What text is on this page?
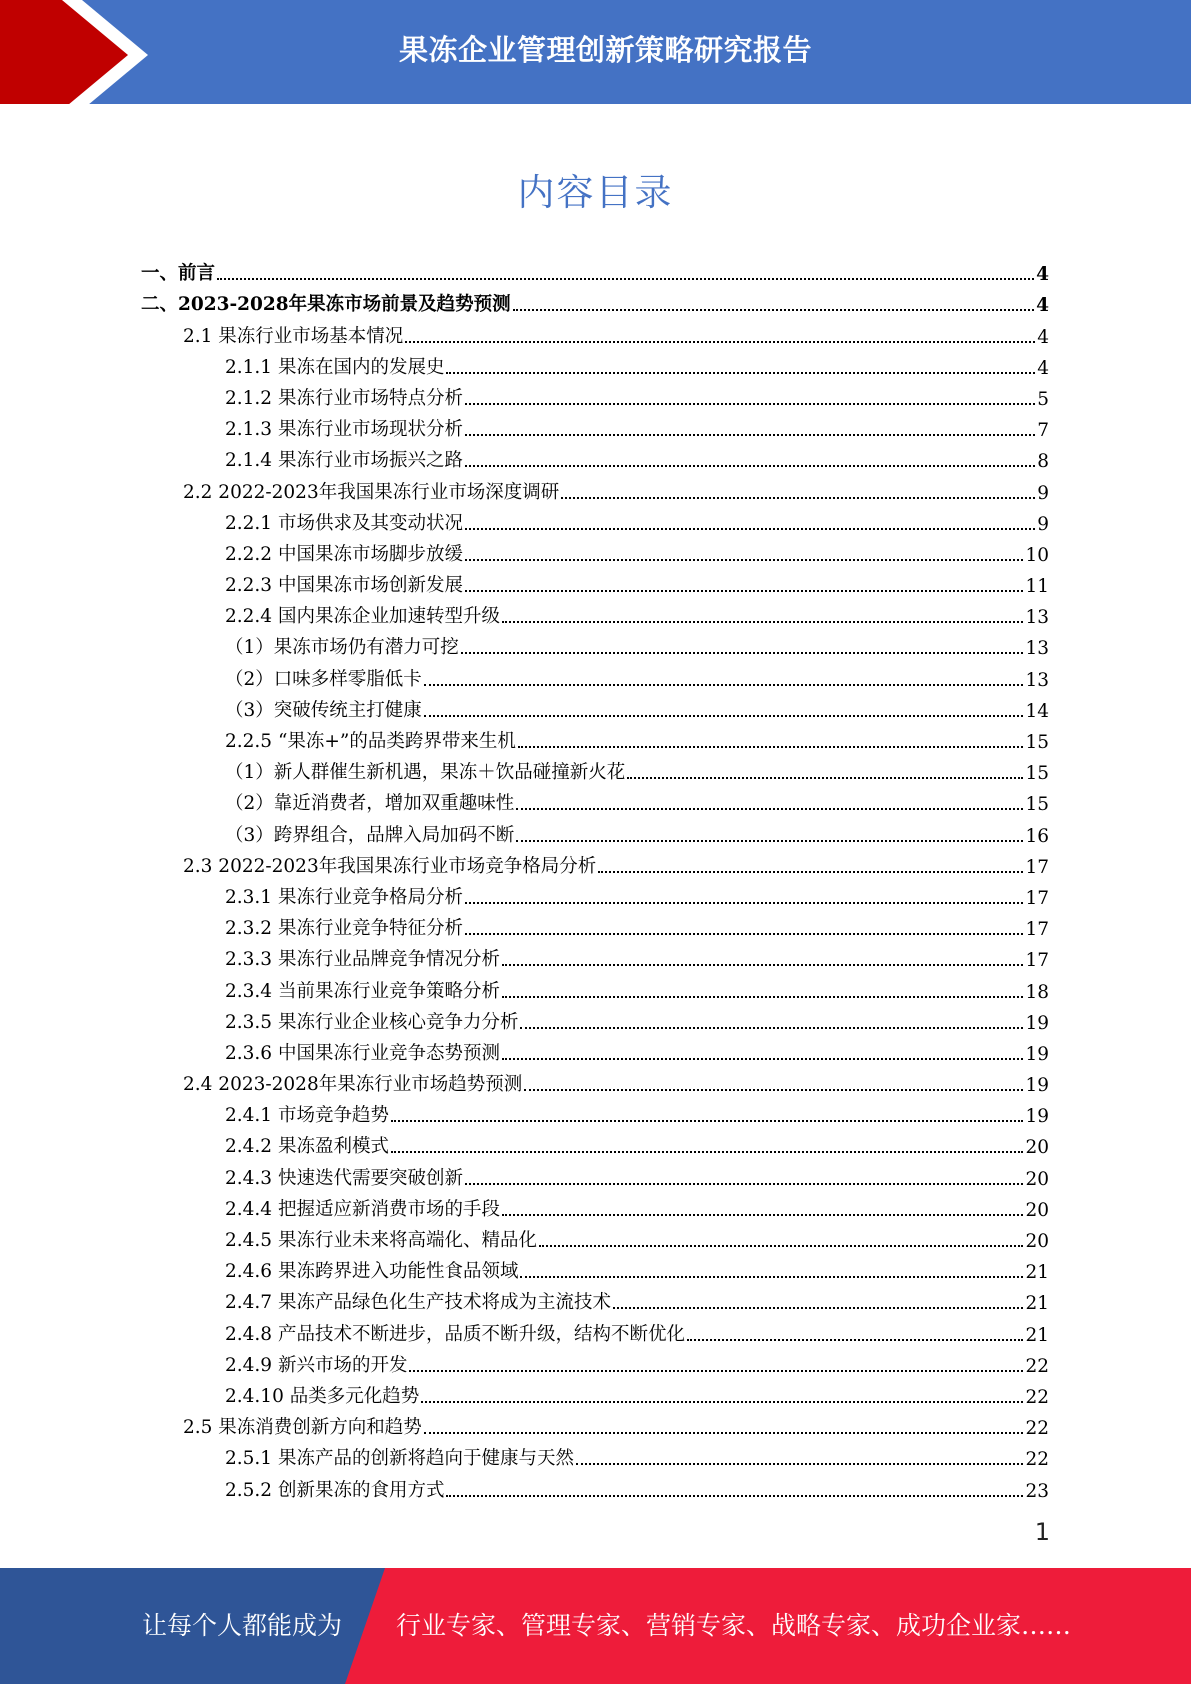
果冻企业管理创新策略研究报告
内容目录
一、前言	4
二、2023-2028年果冻市场前景及趋势预测	4
2.1 果冻行业市场基本情况	4
2.1.1 果冻在国内的发展史	4
2.1.2 果冻行业市场特点分析	5
2.1.3 果冻行业市场现状分析	7
2.1.4 果冻行业市场振兴之路	8
2.2 2022-2023年我国果冻行业市场深度调研	9
2.2.1 市场供求及其变动状况	9
2.2.2 中国果冻市场脚步放缓	10
2.2.3 中国果冻市场创新发展	11
2.2.4 国内果冻企业加速转型升级	13
（1）果冻市场仍有潜力可挖	13
（2）口味多样零脂低卡	13
（3）突破传统主打健康	14
2.2.5 “果冻+”的品类跨界带来生机	15
（1）新人群催生新机遇，果冻＋饮品碰撞新火花	15
（2）靠近消费者，增加双重趣味性	15
（3）跨界组合，品牌入局加码不断	16
2.3 2022-2023年我国果冻行业市场竞争格局分析	17
2.3.1 果冻行业竞争格局分析	17
2.3.2 果冻行业竞争特征分析	17
2.3.3 果冻行业品牌竞争情况分析	17
2.3.4 当前果冻行业竞争策略分析	18
2.3.5 果冻行业企业核心竞争力分析	19
2.3.6 中国果冻行业竞争态势预测	19
2.4 2023-2028年果冻行业市场趋势预测	19
2.4.1 市场竞争趋势	19
2.4.2 果冻盈利模式	20
2.4.3 快速迭代需要突破创新	20
2.4.4 把握适应新消费市场的手段	20
2.4.5 果冻行业未来将高端化、精品化	20
2.4.6 果冻跨界进入功能性食品领域	21
2.4.7 果冻产品绿色化生产技术将成为主流技术	21
2.4.8 产品技术不断进步，品质不断升级，结构不断优化	21
2.4.9 新兴市场的开发	22
2.4.10 品类多元化趋势	22
2.5 果冻消费创新方向和趋势	22
2.5.1 果冻产品的创新将趋向于健康与天然	22
2.5.2 创新果冻的食用方式	23
1
让每个人都能成为 行业专家、管理专家、营销专家、战略专家、成功企业家……
